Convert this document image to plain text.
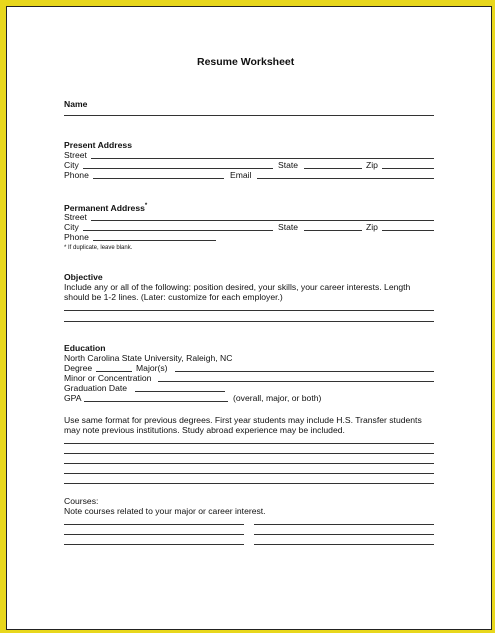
Resume Worksheet
Name
Present Address
Street
City	State	Zip
Phone	Email
Permanent Address*
Street
City	State	Zip
Phone
* If duplicate, leave blank.
Objective
Include any or all of the following: position desired, your skills, your career interests. Length
should be 1-2 lines. (Later: customize for each employer.)
Education
North Carolina State University, Raleigh, NC
Degree	Major(s)
Minor or Concentration
Graduation Date
GPA	(overall, major, or both)
Use same format for previous degrees. First year students may include H.S. Transfer students
may note previous institutions. Study abroad experience may be included.
Courses:
Note courses related to your major or career interest.
